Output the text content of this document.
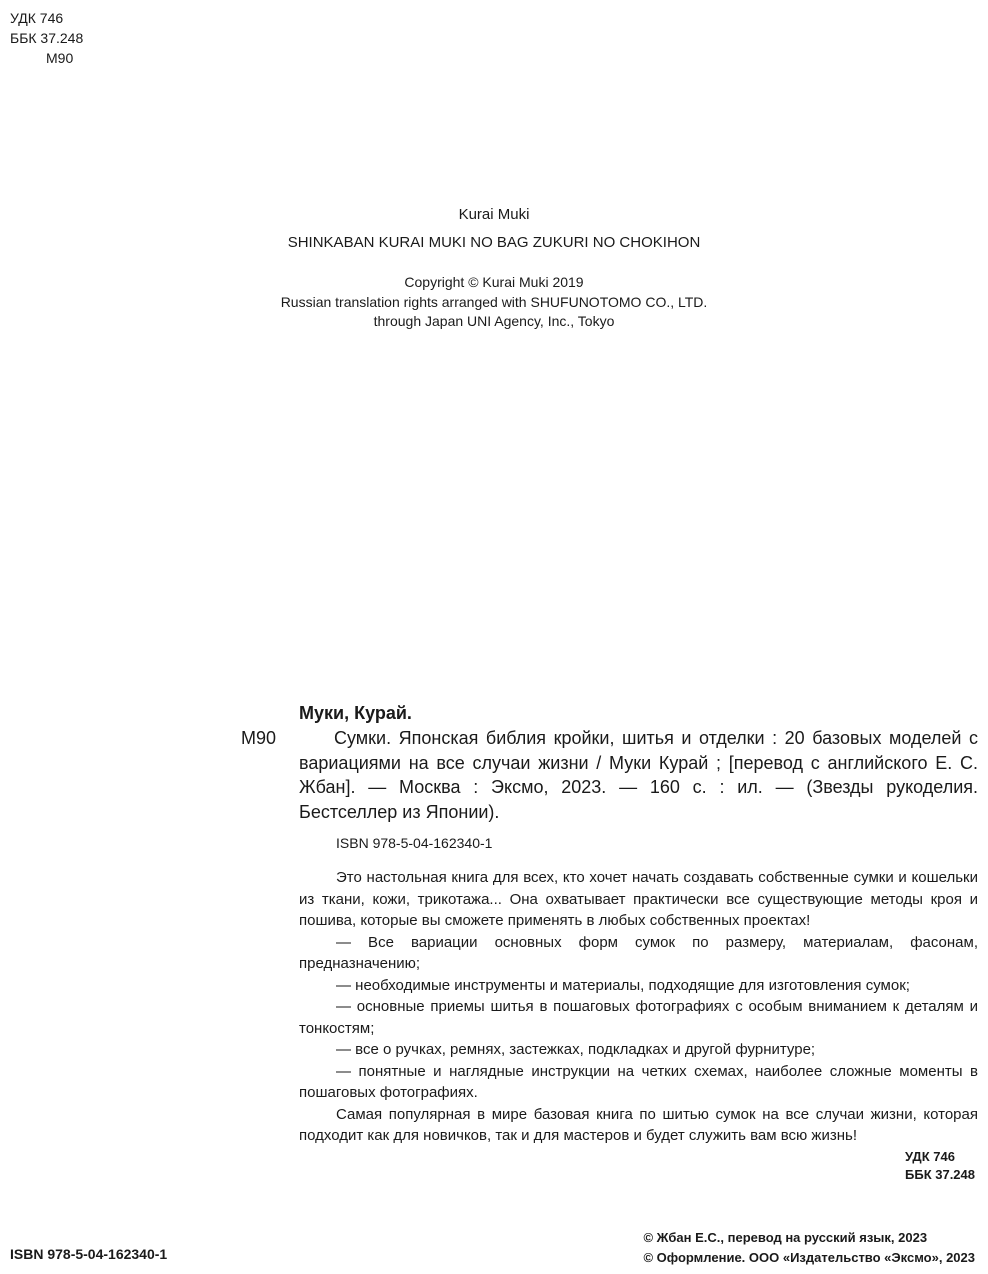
УДК 746
ББК 37.248
М90
Kurai Muki
SHINKABAN KURAI MUKI NO BAG ZUKURI NO CHOKIHON
Copyright © Kurai Muki 2019
Russian translation rights arranged with SHUFUNOTOMO CO., LTD.
through Japan UNI Agency, Inc., Tokyo
Муки, Курай.
М90	Сумки. Японская библия кройки, шитья и отделки : 20 базовых моделей с вариациями на все случаи жизни / Муки Курай ; [перевод с английского Е. С. Жбан]. — Москва : Эксмо, 2023. — 160 с. : ил. — (Звезды рукоделия. Бестселлер из Японии).
ISBN 978-5-04-162340-1

Это настольная книга для всех, кто хочет начать создавать собственные сумки и кошельки из ткани, кожи, трикотажа... Она охватывает практически все существующие методы кроя и пошива, которые вы сможете применять в любых собственных проектах!

— Все вариации основных форм сумок по размеру, материалам, фасонам, предназначению;

— необходимые инструменты и материалы, подходящие для изготовления сумок;

— основные приемы шитья в пошаговых фотографиях с особым вниманием к деталям и тонкостям;

— все о ручках, ремнях, застежках, подкладках и другой фурнитуре;

— понятные и наглядные инструкции на четких схемах, наиболее сложные моменты в пошаговых фотографиях.

Самая популярная в мире базовая книга по шитью сумок на все случаи жизни, которая подходит как для новичков, так и для мастеров и будет служить вам всю жизнь!

УДК 746
ББК 37.248
ISBN 978-5-04-162340-1
© Жбан Е.С., перевод на русский язык, 2023
© Оформление. ООО «Издательство «Эксмо», 2023
